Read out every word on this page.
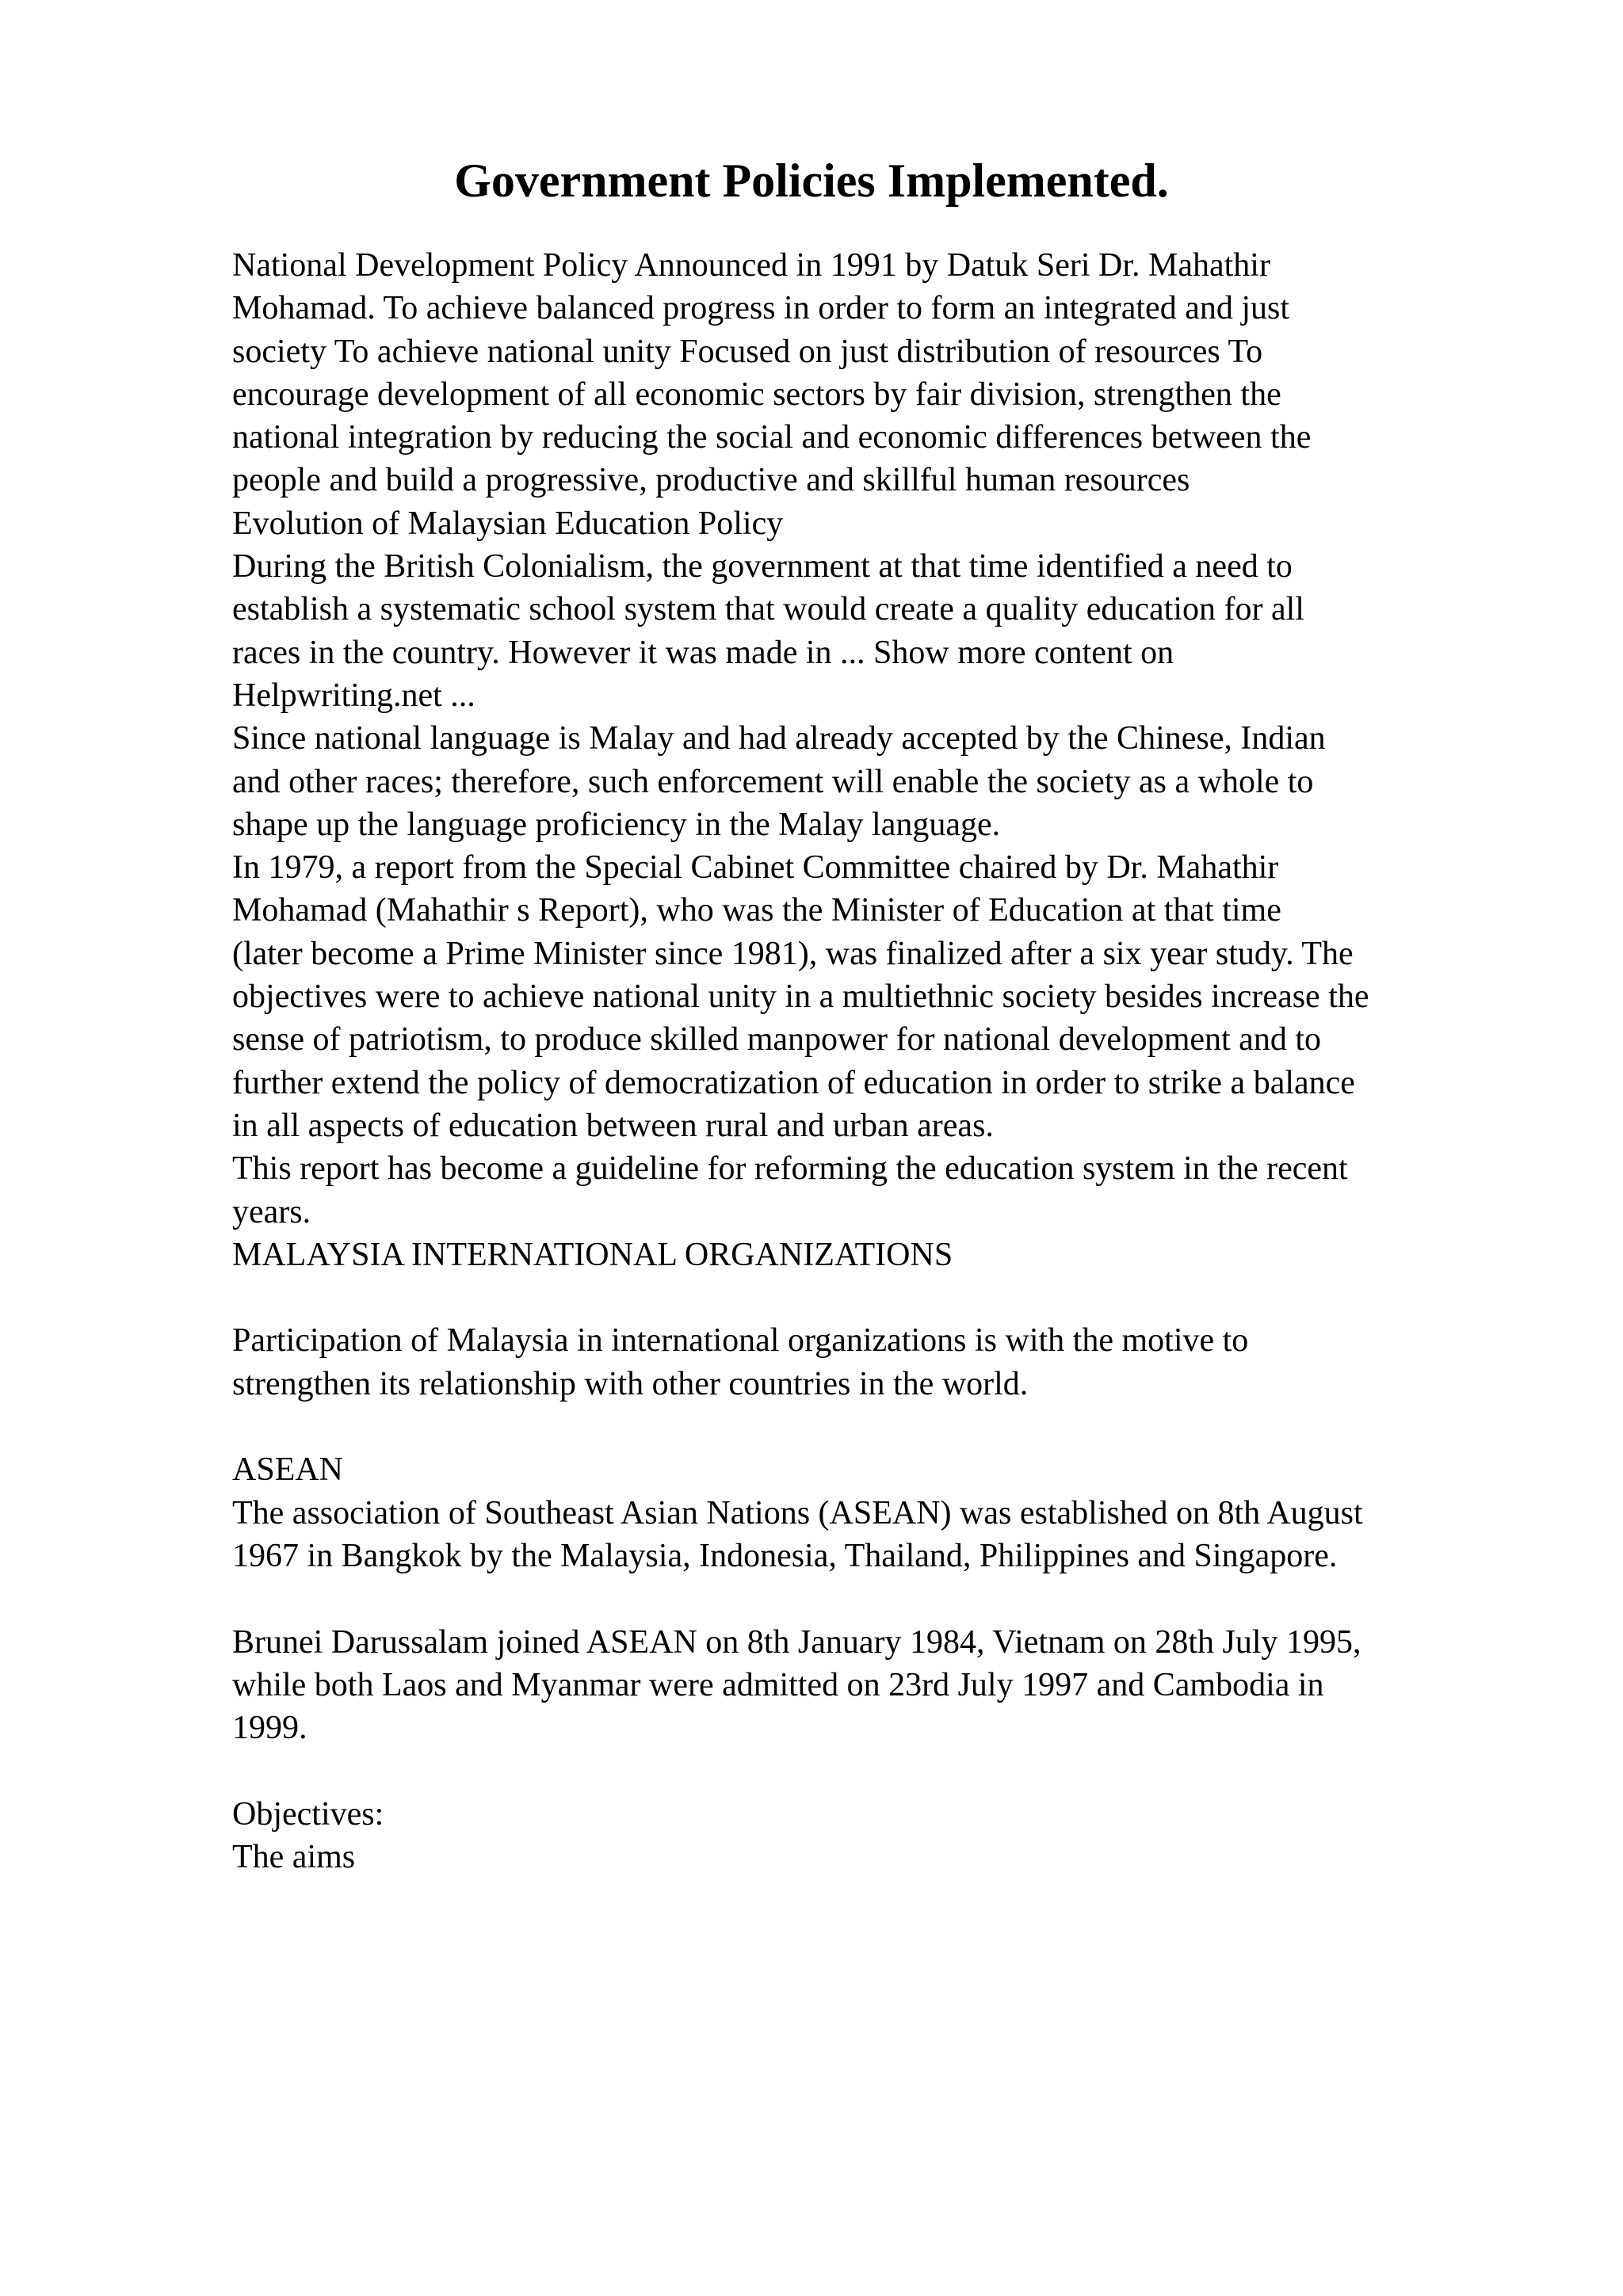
Government Policies Implemented.
National Development Policy Announced in 1991 by Datuk Seri Dr. Mahathir
Mohamad. To achieve balanced progress in order to form an integrated and just
society To achieve national unity Focused on just distribution of resources To
encourage development of all economic sectors by fair division, strengthen the
national integration by reducing the social and economic differences between the
people and build a progressive, productive and skillful human resources
Evolution of Malaysian Education Policy
During the British Colonialism, the government at that time identified a need to
establish a systematic school system that would create a quality education for all
races in the country. However it was made in ... Show more content on
Helpwriting.net ...
Since national language is Malay and had already accepted by the Chinese, Indian
and other races; therefore, such enforcement will enable the society as a whole to
shape up the language proficiency in the Malay language.
In 1979, a report from the Special Cabinet Committee chaired by Dr. Mahathir
Mohamad (Mahathir s Report), who was the Minister of Education at that time
(later become a Prime Minister since 1981), was finalized after a six year study. The
objectives were to achieve national unity in a multiethnic society besides increase the
sense of patriotism, to produce skilled manpower for national development and to
further extend the policy of democratization of education in order to strike a balance
in all aspects of education between rural and urban areas.
This report has become a guideline for reforming the education system in the recent
years.
MALAYSIA INTERNATIONAL ORGANIZATIONS
Participation of Malaysia in international organizations is with the motive to
strengthen its relationship with other countries in the world.
ASEAN
The association of Southeast Asian Nations (ASEAN) was established on 8th August
1967 in Bangkok by the Malaysia, Indonesia, Thailand, Philippines and Singapore.
Brunei Darussalam joined ASEAN on 8th January 1984, Vietnam on 28th July 1995,
while both Laos and Myanmar were admitted on 23rd July 1997 and Cambodia in
1999.
Objectives:
The aims
